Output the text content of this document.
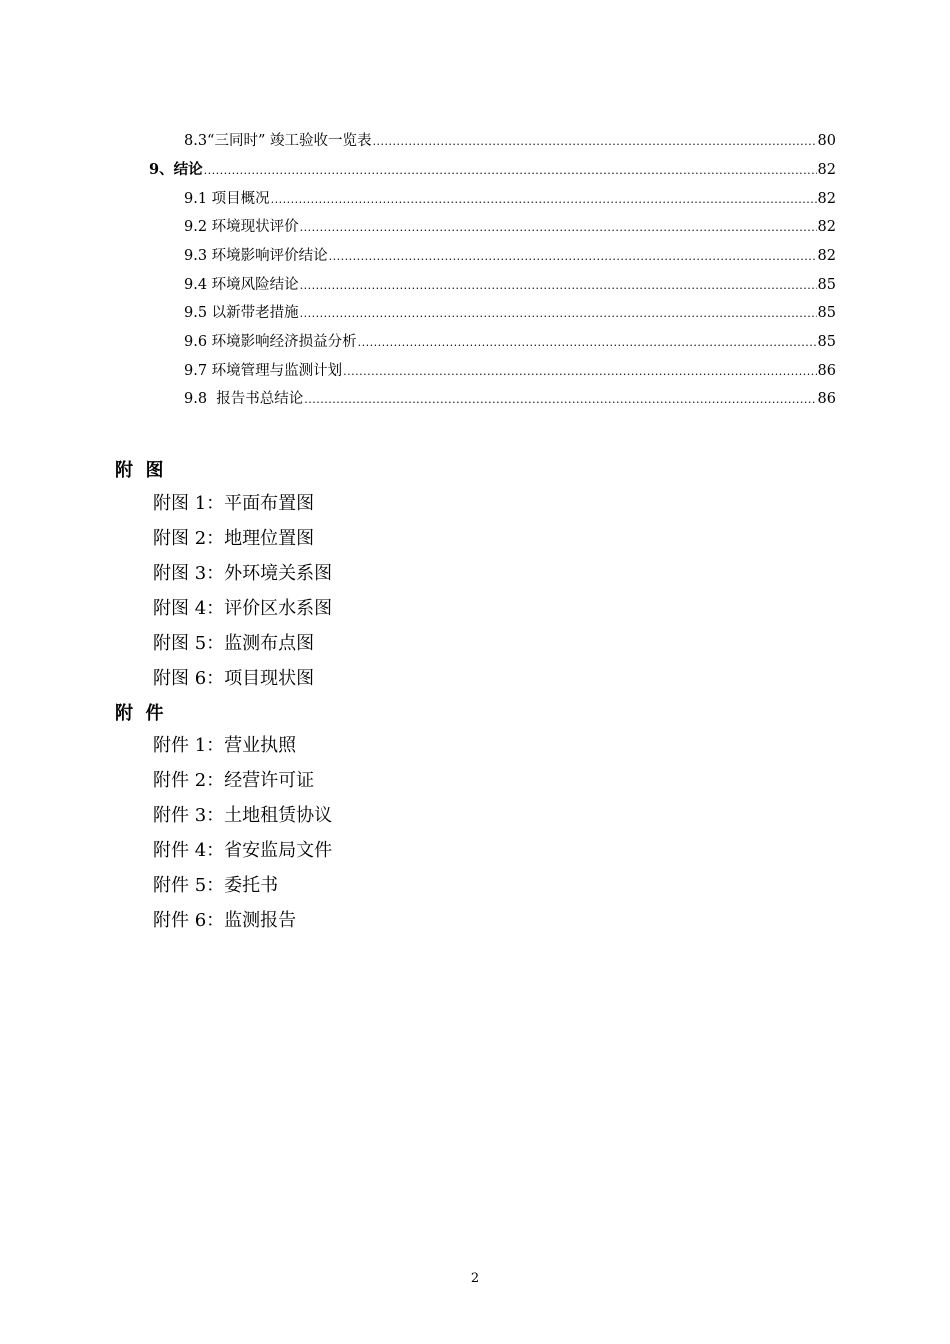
8.3“三同时” 竣工验收一览表 .....	80
9、结论 .....	82
9.1 项目概况 .....	82
9.2 环境现状评价 .....	82
9.3 环境影响评价结论 .....	82
9.4 环境风险结论 .....	85
9.5 以新带老措施 .....	85
9.6 环境影响经济损益分析 .....	85
9.7 环境管理与监测计划 .....	86
9.8  报告书总结论 .....	86
附  图
附图 1：平面布置图
附图 2：地理位置图
附图 3：外环境关系图
附图 4：评价区水系图
附图 5：监测布点图
附图 6：项目现状图
附  件
附件 1：营业执照
附件 2：经营许可证
附件 3：土地租赁协议
附件 4：省安监局文件
附件 5：委托书
附件 6：监测报告
2
